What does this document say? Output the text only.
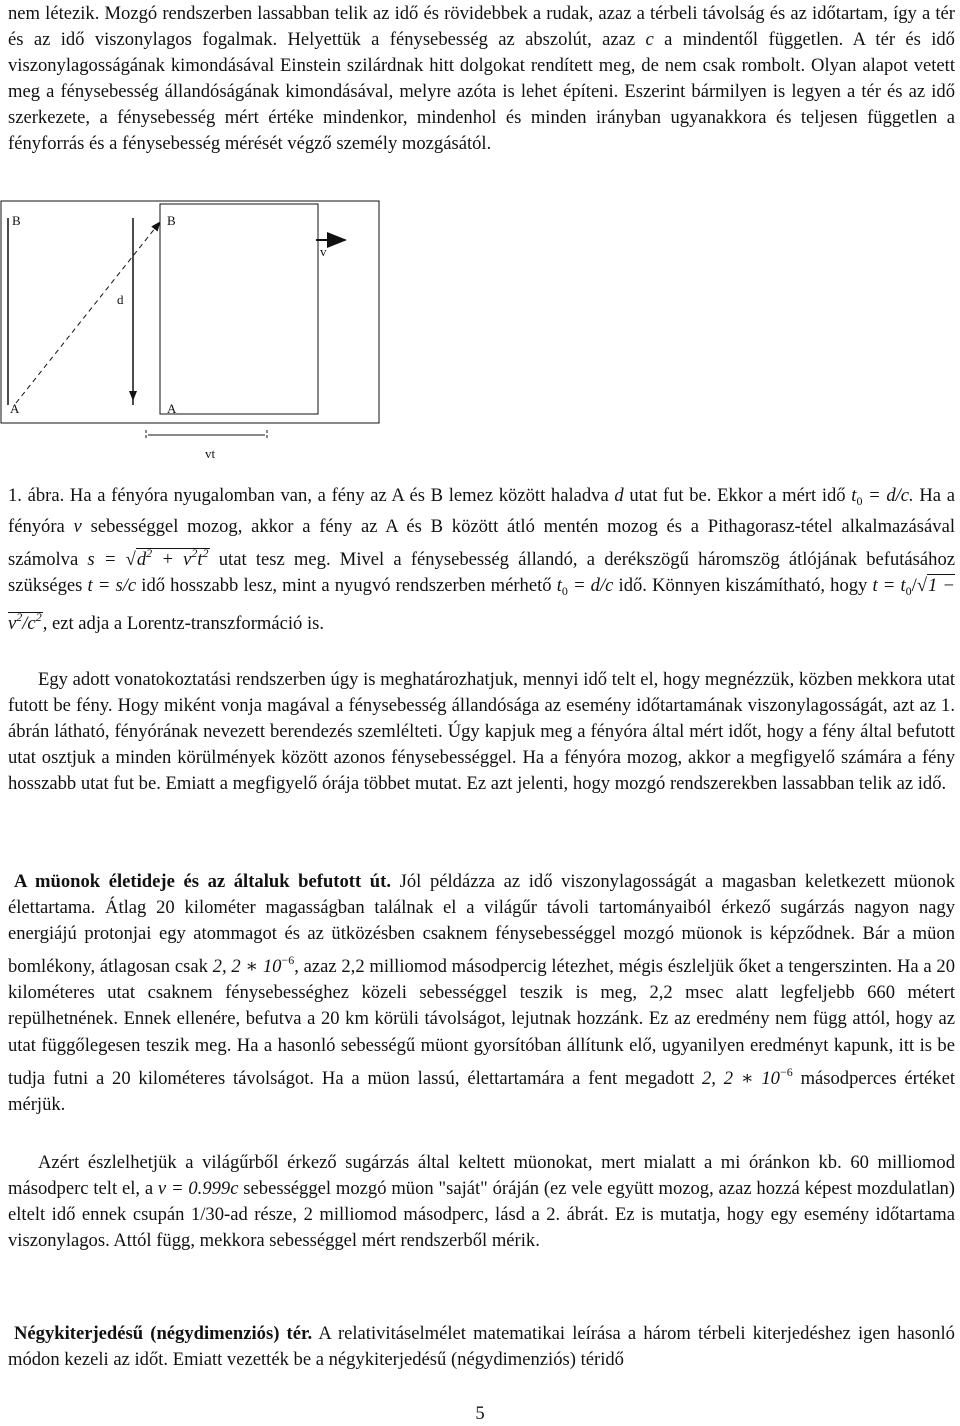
nem létezik. Mozgó rendszerben lassabban telik az idő és rövidebbek a rudak, azaz a térbeli távolság és az időtartam, így a tér és az idő viszonylagos fogalmak. Helyettük a fénysebesség az abszolút, azaz c a mindentől független. A tér és idő viszonylagosságának kimondásával Einstein szilárdnak hitt dolgokat rendített meg, de nem csak rombolt. Olyan alapot vetett meg a fénysebesség állandóságának kimondásával, melyre azóta is lehet építeni. Eszerint bármilyen is legyen a tér és az idő szerkezete, a fénysebesség mért értéke mindenkor, mindenhol és minden irányban ugyanakkora és teljesen független a fényforrás és a fénysebesség mérését végző személy mozgásától.

B	B
A	A
d
v
vt

1. ábra. Ha a fényóra nyugalomban van, a fény az A és B lemez között haladva d utat fut be. Ekkor a mért idő $t_0 = d/c$. Ha a fényóra v sebességgel mozog, akkor a fény az A és B között átló mentén mozog és a Pithagorasz-tétel alkalmazásával számolva $s = √d^2 + v^2t^2$ utat tesz meg. Mivel a fénysebesség állandó, a derékszögű háromszög átlójának befutásához szükséges t = s/c idő hosszabb lesz, mint a nyugvó rendszerben mérhető $t_0 = d/c$ idő. Könnyen kiszámítható, hogy $t = t_0/√1 - v^2/c^2$, ezt adja a Lorentz-transzformáció is.

Egy adott vonatokoztatási rendszerben úgy is meghatározhatjuk, mennyi idő telt el, hogy megnézzük, közben mekkora utat futott be fény. Hogy miként vonja magával a fénysebesség állandósága az esemény időtartamának viszonylagosságát, azt az 1. ábrán látható, fényórának nevezett berendezés szemlélteti. Úgy kapjuk meg a fényóra által mért időt, hogy a fény által befutott utat osztjuk a minden körülmények között azonos fénysebességgel. Ha a fényóra mozog, akkor a megfigyelő számára a fény hosszabb utat fut be. Emiatt a megfigyelő órája többet mutat. Ez azt jelenti, hogy mozgó rendszerekben lassabban telik az idő.

A müonok életideje és az általuk befutott út. Jól példázza az idő viszonylagosságát a magasban keletkezett müonok élettartama. Átlag 20 kilométer magasságban találnak el a világűr távoli tartományaiból érkező sugárzás nagyon nagy energiájú protonjai egy atommagot és az ütközésben csaknem fénysebességgel mozgó müonok is képződnek. Bár a müon bomlékony, átlagosan csak 2, 2 ∗ $10^{-6}$, azaz 2,2 milliomod másodpercig létezhet, mégis észleljük őket a tengerszinten. Ha a 20 kilométeres utat csaknem fénysebességhez közeli sebességgel teszik is meg, 2,2 msec alatt legfeljebb 660 métert repülhetnének. Ennek ellenére, befutva a 20 km körüli távolságot, lejutnak hozzánk. Ez az eredmény nem függ attól, hogy az utat függőlegesen teszik meg. Ha a hasonló sebességű müont gyorsítóban állítunk elő, ugyanilyen eredményt kapunk, itt is be tudja futni a 20 kilométeres távolságot. Ha a müon lassú, élettartamára a fent megadott 2, 2 ∗ $10^{-6}$ másodperces értéket mérjük.

Azért észlelhetjük a világűrből érkező sugárzás által keltett müonokat, mert mialatt a mi óránkon kb. 60 milliomod másodperc telt el, a v = 0.999c sebességgel mozgó müon "saját" óráján (ez vele együtt mozog, azaz hozzá képest mozdulatlan) eltelt idő ennek csupán 1/30-ad része, 2 milliomod másodperc, lásd a 2. ábrát. Ez is mutatja, hogy egy esemény időtartama viszonylagos. Attól függ, mekkora sebességgel mért rendszerből mérik.

Négykiterjedésű (négydimenziós) tér. A relativitáselmélet matematikai leírása a három térbeli kiterjedéshez igen hasonló módon kezeli az időt. Emiatt vezették be a négykiterjedésű (négydimenziós) téridő

5
